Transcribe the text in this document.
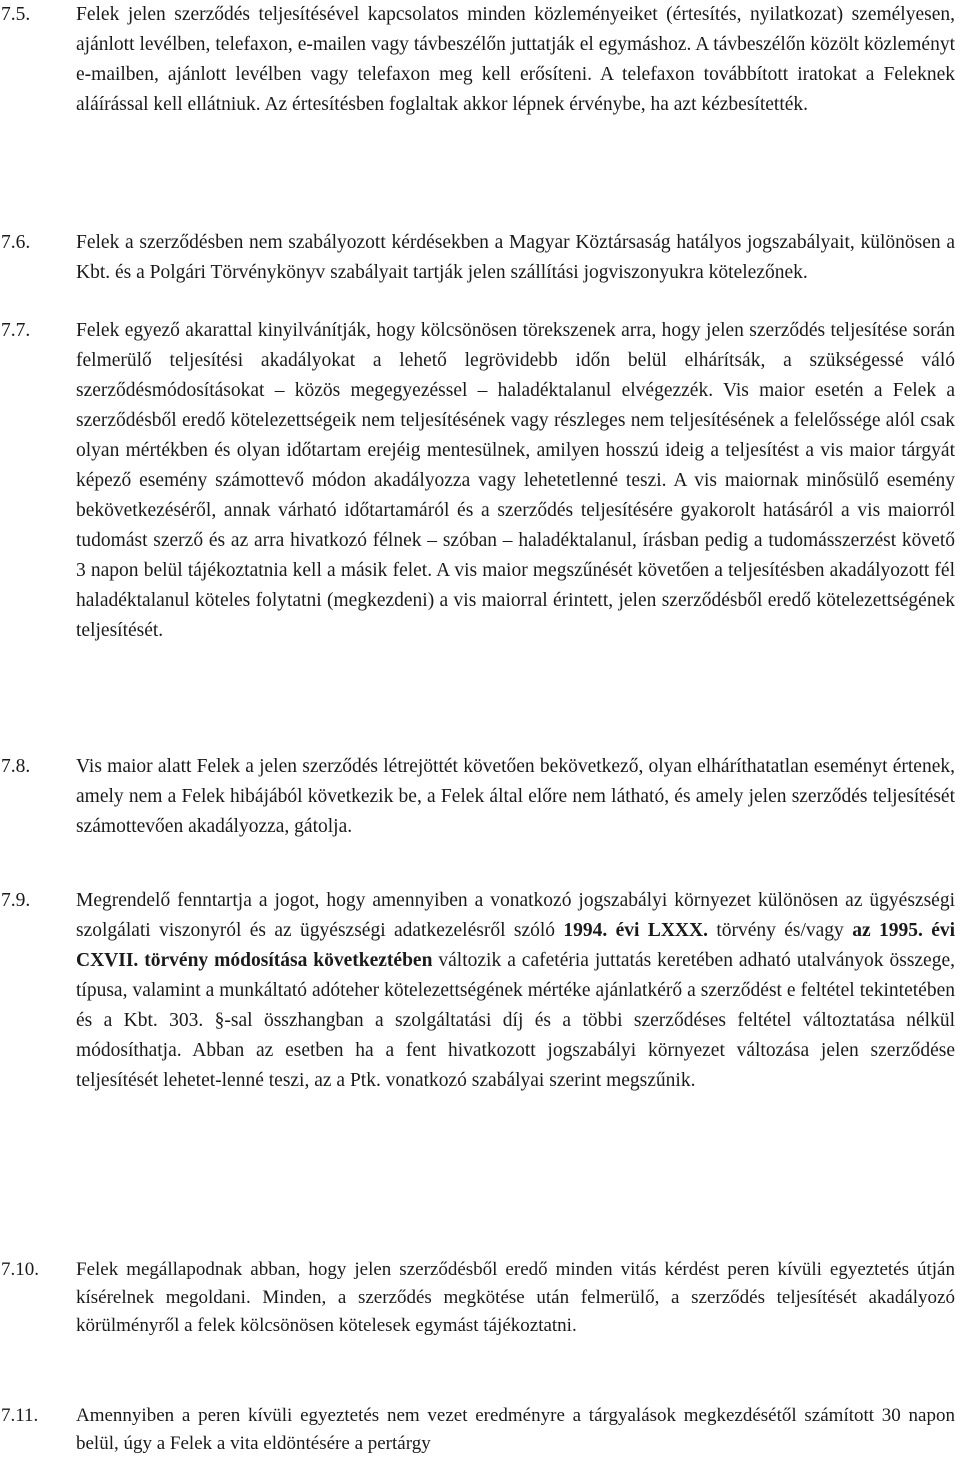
7.5. Felek jelen szerződés teljesítésével kapcsolatos minden közleményeiket (értesítés, nyilatkozat) személyesen, ajánlott levélben, telefaxon, e-mailen vagy távbeszélőn juttatják el egymáshoz. A távbeszélőn közölt közleményt e-mailben, ajánlott levélben vagy telefaxon meg kell erősíteni. A telefaxon továbbított iratokat a Feleknek aláírással kell ellátniuk. Az értesítésben foglaltak akkor lépnek érvénybe, ha azt kézbesítették.

7.6. Felek a szerződésben nem szabályozott kérdésekben a Magyar Köztársaság hatályos jogszabályait, különösen a Kbt. és a Polgári Törvénykönyv szabályait tartják jelen szállítási jogviszonyukra kötelezőnek.

7.7. Felek egyező akarattal kinyilvánítják, hogy kölcsönösen törekszenek arra, hogy jelen szerződés teljesítése során felmerülő teljesítési akadályokat a lehető legrövidebb időn belül elhárítsák, a szükségessé váló szerződésmódosításokat – közös megegyezéssel – haladéktalanul elvégezzék. Vis maior esetén a Felek a szerződésből eredő kötelezettségeik nem teljesítésének vagy részleges nem teljesítésének a felelőssége alól csak olyan mértékben és olyan időtartam erejéig mentesülnek, amilyen hosszú ideig a teljesítést a vis maior tárgyát képező esemény számottevő módon akadályozza vagy lehetetlenné teszi. A vis maiornak minősülő esemény bekövetkezéséről, annak várható időtartamáról és a szerződés teljesítésére gyakorolt hatásáról a vis maiorról tudomást szerző és az arra hivatkozó félnek – szóban – haladéktalanul, írásban pedig a tudomásszerzést követő 3 napon belül tájékoztatnia kell a másik felet. A vis maior megszűnését követően a teljesítésben akadályozott fél haladéktalanul köteles folytatni (megkezdeni) a vis maiorral érintett, jelen szerződésből eredő kötelezettségének teljesítését.

7.8. Vis maior alatt Felek a jelen szerződés létrejöttét követően bekövetkező, olyan elháríthatatlan eseményt értenek, amely nem a Felek hibájából következik be, a Felek által előre nem látható, és amely jelen szerződés teljesítését számottevően akadályozza, gátolja.

7.9. Megrendelő fenntartja a jogot, hogy amennyiben a vonatkozó jogszabályi környezet különösen az ügyészségi szolgálati viszonyról és az ügyészségi adatkezelésről szóló 1994. évi LXXX. törvény és/vagy az 1995. évi CXVII. törvény módosítása következtében változik a cafetéria juttatás keretében adható utalványok összege, típusa, valamint a munkáltató adóteher kötelezettségének mértéke ajánlatkérő a szerződést e feltétel tekintetében és a Kbt. 303. §-sal összhangban a szolgáltatási díj és a többi szerződéses feltétel változtatása nélkül módosíthatja. Abban az esetben ha a fent hivatkozott jogszabályi környezet változása jelen szerződése teljesítését lehetet-lenné teszi, az a Ptk. vonatkozó szabályai szerint megszűnik.

7.10. Felek megállapodnak abban, hogy jelen szerződésből eredő minden vitás kérdést peren kívüli egyeztetés útján kísérelnek megoldani. Minden, a szerződés megkötése után felmerülő, a szerződés teljesítését akadályozó körülményről a felek kölcsönösen kötelesek egymást tájékoztatni.

7.11. Amennyiben a peren kívüli egyeztetés nem vezet eredményre a tárgyalások megkezdésétől számított 30 napon belül, úgy a Felek a vita eldöntésére a pertárgy
